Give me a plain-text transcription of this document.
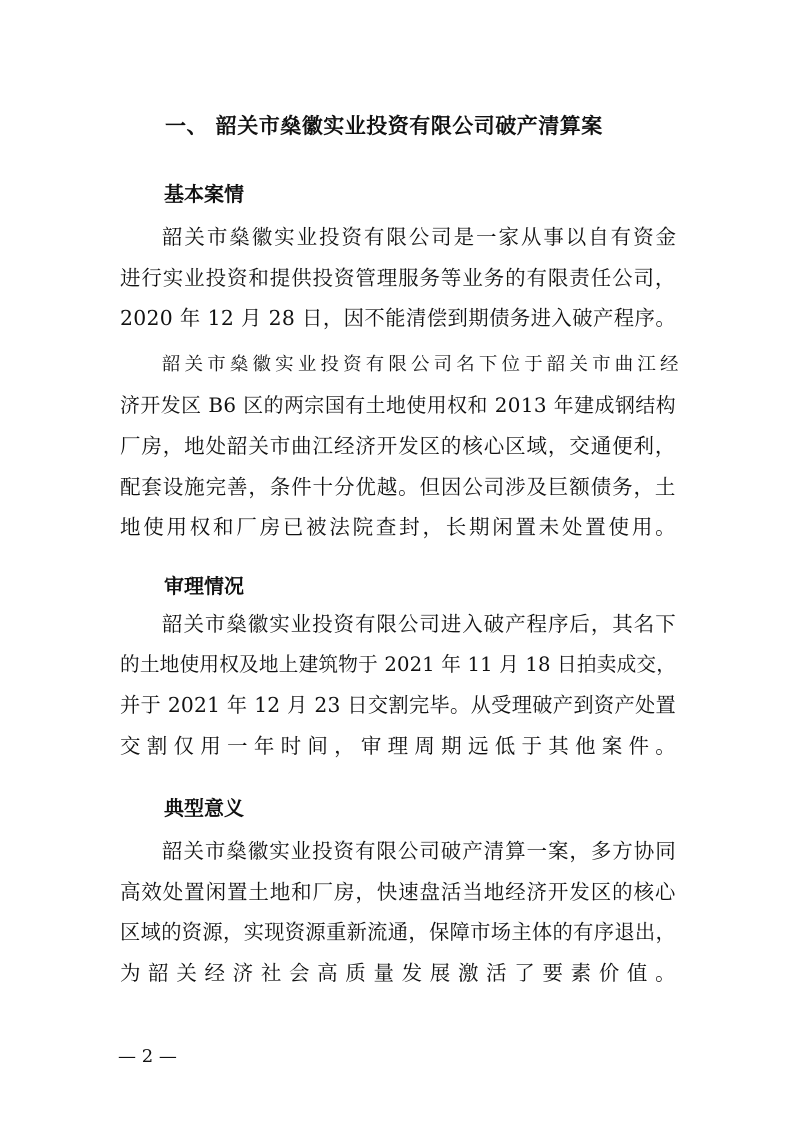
一、 韶关市燊徽实业投资有限公司破产清算案
基本案情
韶关市燊徽实业投资有限公司是一家从事以自有资金
进行实业投资和提供投资管理服务等业务的有限责任公司，
2020 年 12 月 28 日，因不能清偿到期债务进入破产程序。
韶关市燊徽实业投资有限公司名下位于韶关市曲江经
济开发区 B6 区的两宗国有土地使用权和 2013 年建成钢结构
厂房，地处韶关市曲江经济开发区的核心区域，交通便利，
配套设施完善，条件十分优越。但因公司涉及巨额债务，土
地使用权和厂房已被法院查封，长期闲置未处置使用。
审理情况
韶关市燊徽实业投资有限公司进入破产程序后，其名下
的土地使用权及地上建筑物于 2021 年 11 月 18 日拍卖成交，
并于 2021 年 12 月 23 日交割完毕。从受理破产到资产处置
交割仅用一年时间，审理周期远低于其他案件。
典型意义
韶关市燊徽实业投资有限公司破产清算一案，多方协同
高效处置闲置土地和厂房，快速盘活当地经济开发区的核心
区域的资源，实现资源重新流通，保障市场主体的有序退出，
为韶关经济社会高质量发展激活了要素价值。
— 2 —
